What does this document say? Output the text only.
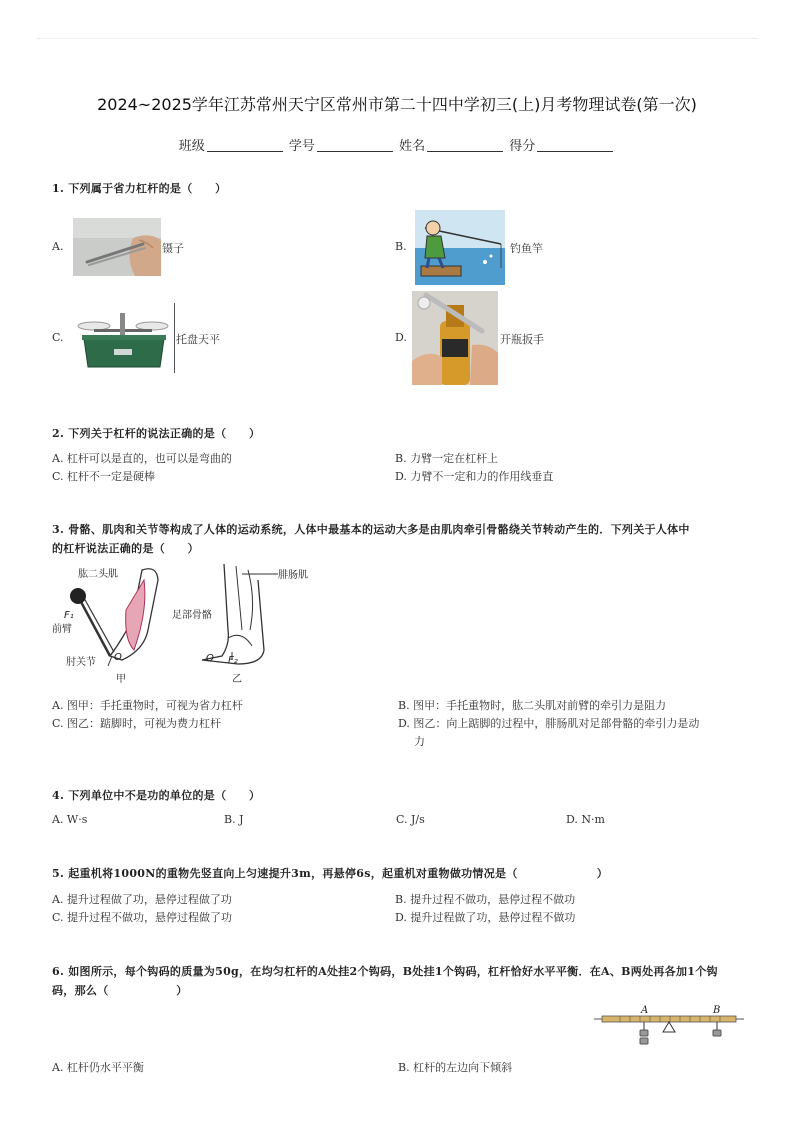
2024~2025学年江苏常州天宁区常州市第二十四中学初三(上)月考物理试卷(第一次)
班级	学号	姓名	得分
1. 下列属于省力杠杆的是（　　）
A.	镊子	B.	钓鱼竿
C.	托盘天平	D.	开瓶扳手
2. 下列关于杠杆的说法正确的是（　　）
A. 杠杆可以是直的，也可以是弯曲的	B. 力臂一定在杠杆上
C. 杠杆不一定是硬棒	D. 力臂不一定和力的作用线垂直
3. 骨骼、肌肉和关节等构成了人体的运动系统，人体中最基本的运动大多是由肌肉牵引骨骼绕关节转动产生的．下列关于人体中
的杠杆说法正确的是（　　）
肱二头肌
F₁
前臂
肘关节 O
甲
腓肠肌
足部骨骼
O F₂
乙
A. 图甲：手托重物时，可视为省力杠杆	B. 图甲：手托重物时，肱二头肌对前臂的牵引力是阻力
C. 图乙：踮脚时，可视为费力杠杆	D. 图乙：向上踮脚的过程中，腓肠肌对足部骨骼的牵引力是动
力
4. 下列单位中不是功的单位的是（　　）
A. W·s	B. J	C. J/s	D. N·m
5. 起重机将1000N的重物先竖直向上匀速提升3m，再悬停6s，起重机对重物做功情况是（　　　　　　　）
A. 提升过程做了功，悬停过程做了功	B. 提升过程不做功，悬停过程不做功
C. 提升过程不做功，悬停过程做了功	D. 提升过程做了功，悬停过程不做功
6. 如图所示，每个钩码的质量为50g，在均匀杠杆的A处挂2个钩码，B处挂1个钩码，杠杆恰好水平平衡．在A、B两处再各加1个钩
码，那么（　　　　　　）
A	B
A. 杠杆仍水平平衡	B. 杠杆的左边向下倾斜
